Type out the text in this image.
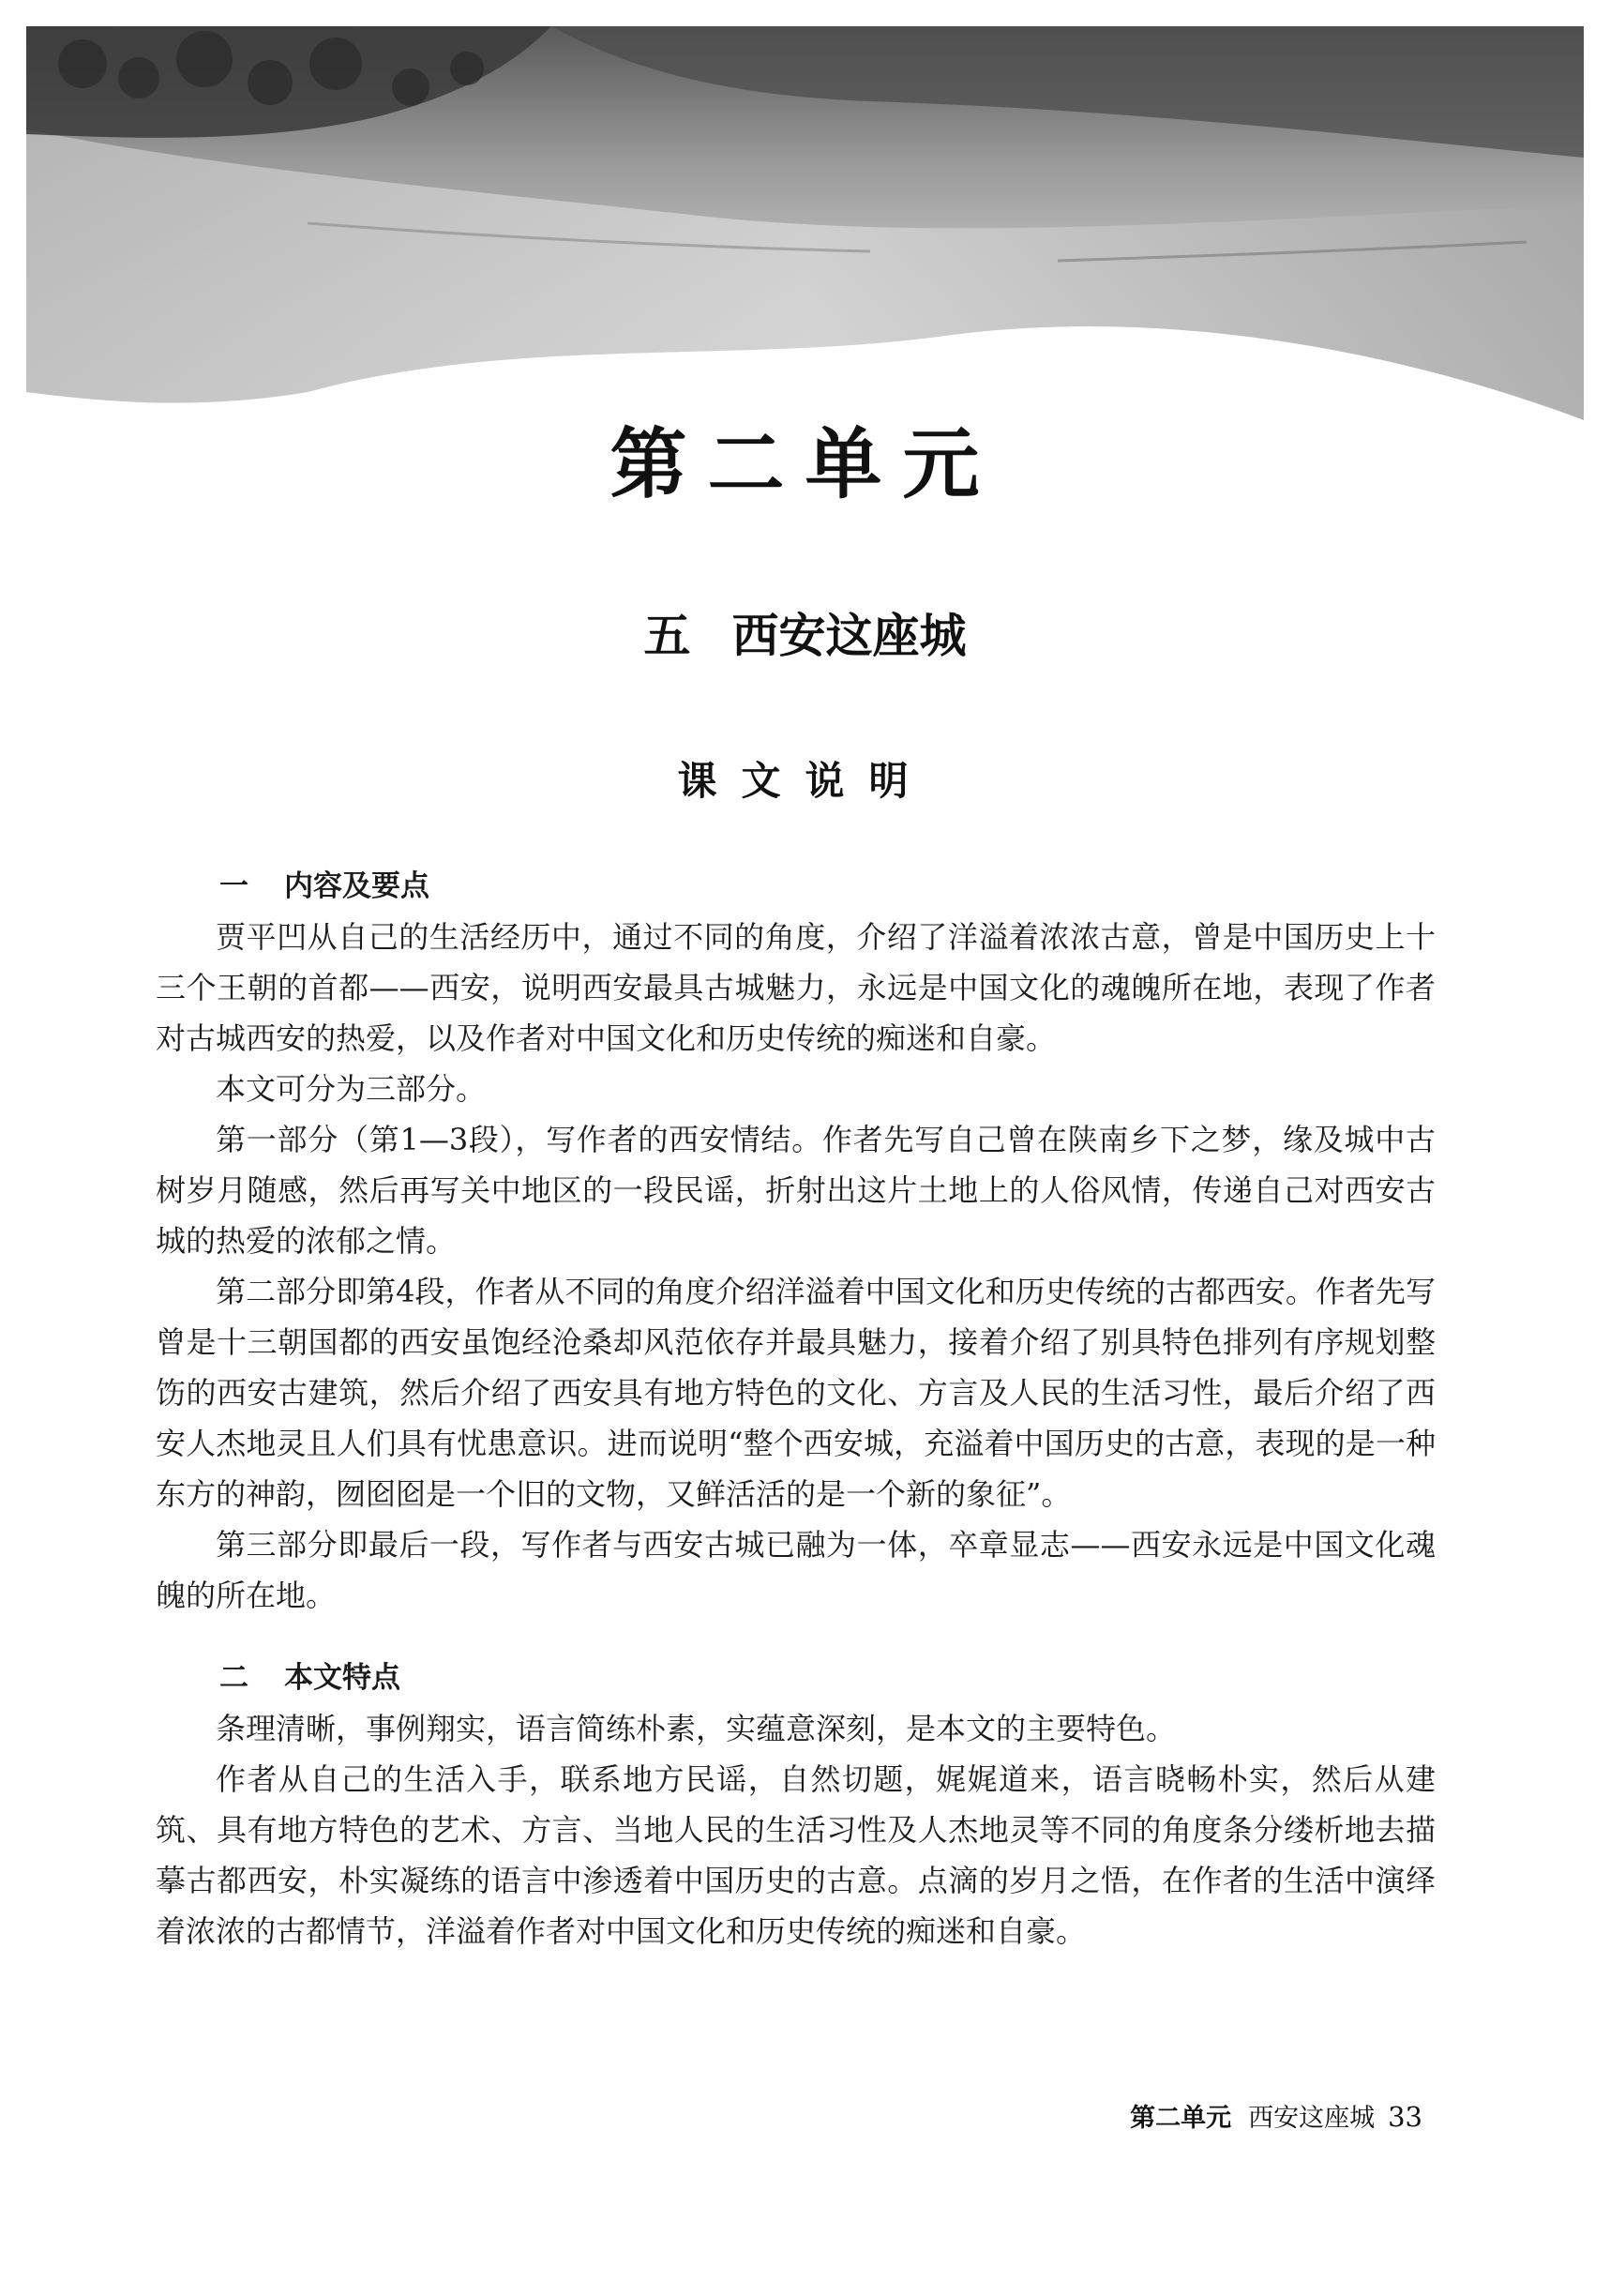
第二单元
五 西安这座城
课文说明
一 内容及要点

贾平凹从自己的生活经历中，通过不同的角度，介绍了洋溢着浓浓古意，曾是中国历史上十三个王朝的首都——西安，说明西安最具古城魅力，永远是中国文化的魂魄所在地，表现了作者对古城西安的热爱，以及作者对中国文化和历史传统的痴迷和自豪。

本文可分为三部分。

第一部分（第1—3段），写作者的西安情结。作者先写自己曾在陕南乡下之梦，缘及城中古树岁月随感，然后再写关中地区的一段民谣，折射出这片土地上的人俗风情，传递自己对西安古城的热爱的浓郁之情。

第二部分即第4段，作者从不同的角度介绍洋溢着中国文化和历史传统的古都西安。作者先写曾是十三朝国都的西安虽饱经沧桑却风范依存并最具魅力，接着介绍了别具特色排列有序规划整饬的西安古建筑，然后介绍了西安具有地方特色的文化、方言及人民的生活习性，最后介绍了西安人杰地灵且人们具有忧患意识。进而说明“整个西安城，充溢着中国历史的古意，表现的是一种东方的神韵，囫囵囵是一个旧的文物，又鲜活活的是一个新的象征”。

第三部分即最后一段，写作者与西安古城已融为一体，卒章显志——西安永远是中国文化魂魄的所在地。

二 本文特点

条理清晰，事例翔实，语言简练朴素，实蕴意深刻，是本文的主要特色。

作者从自己的生活入手，联系地方民谣，自然切题，娓娓道来，语言晓畅朴实，然后从建筑、具有地方特色的艺术、方言、当地人民的生活习性及人杰地灵等不同的角度条分缕析地去描摹古都西安，朴实凝练的语言中渗透着中国历史的古意。点滴的岁月之悟，在作者的生活中演绎着浓浓的古都情节，洋溢着作者对中国文化和历史传统的痴迷和自豪。

第二单元 西安这座城 33
